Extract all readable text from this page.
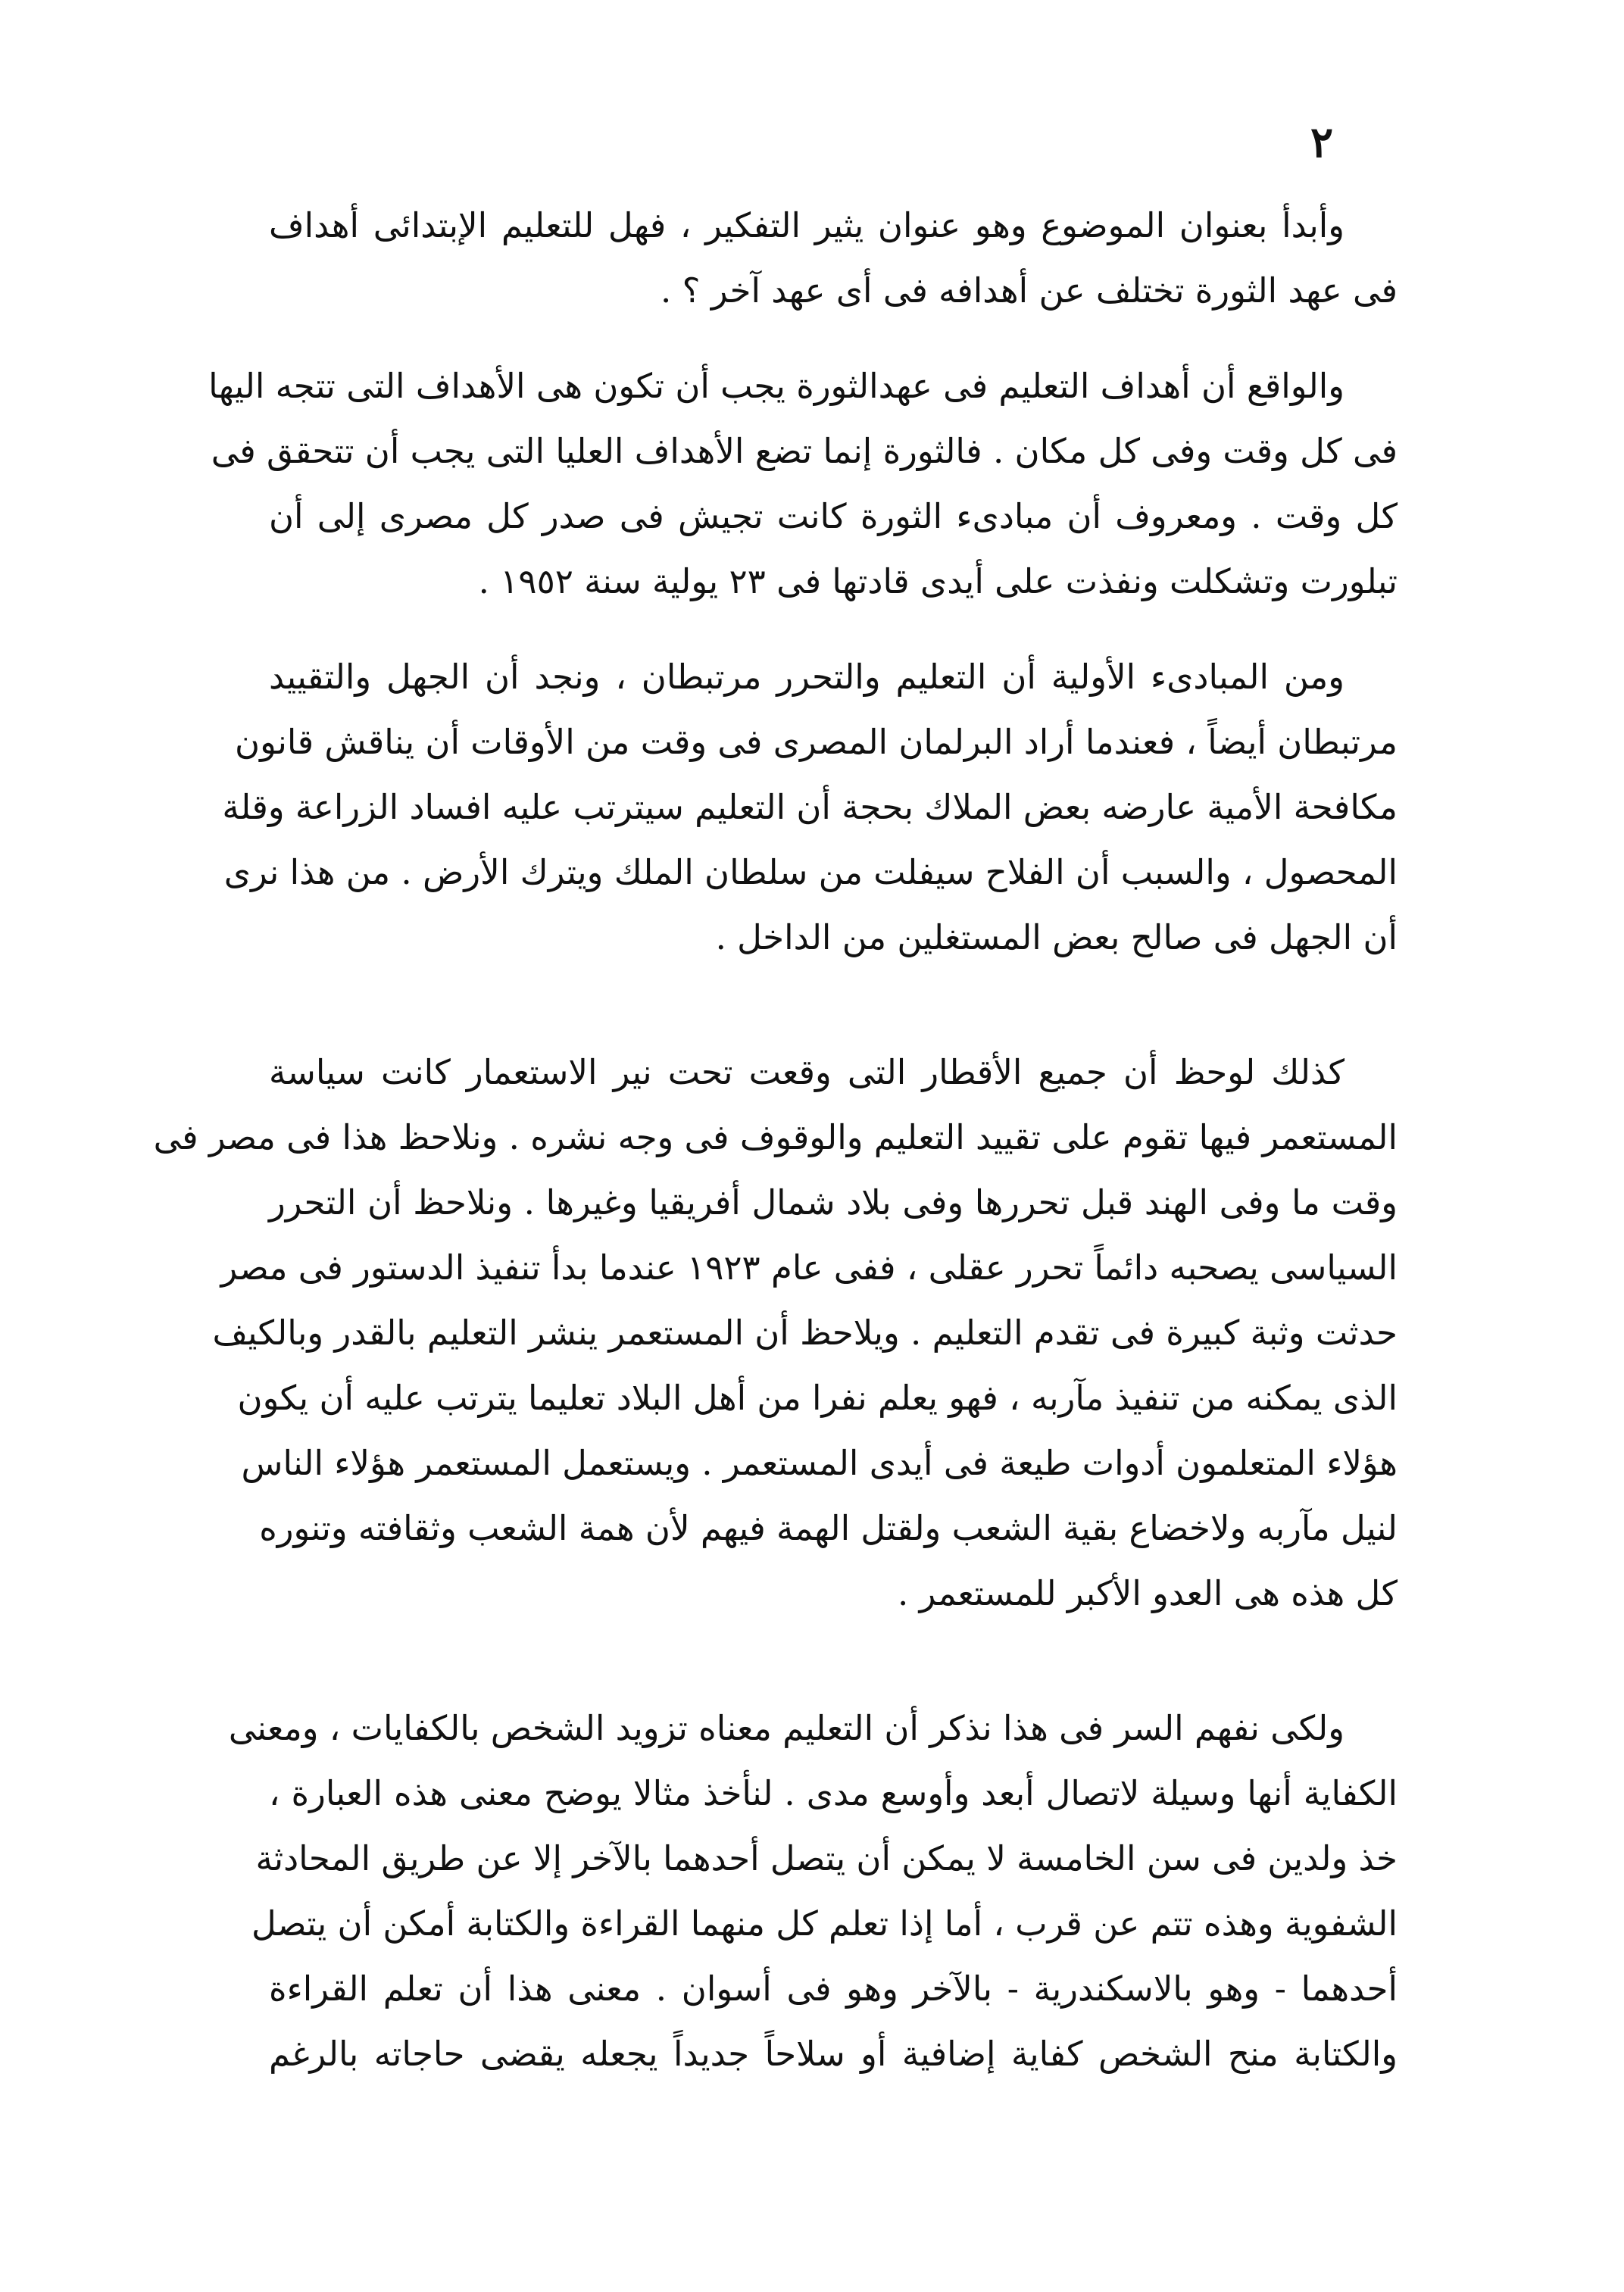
٢
وأبدأ بعنوان الموضوع وهو عنوان يثير التفكير ، فهل للتعليم الإبتدائى أهداف
فى عهد الثورة تختلف عن أهدافه فى أى عهد آخر ؟ .
والواقع أن أهداف التعليم فى عهدالثورة يجب أن تكون هى الأهداف التى تتجه اليها
فى كل وقت وفى كل مكان . فالثورة إنما تضع الأهداف العليا التى يجب أن تتحقق فى
كل وقت . ومعروف أن مبادىء الثورة كانت تجيش فى صدر كل مصرى إلى أن
تبلورت وتشكلت ونفذت على أيدى قادتها فى ٢٣ يولية سنة ١٩٥٢ .
ومن المبادىء الأولية أن التعليم والتحرر مرتبطان ، ونجد أن الجهل والتقييد
مرتبطان أيضاً ، فعندما أراد البرلمان المصرى فى وقت من الأوقات أن يناقش قانون
مكافحة الأمية عارضه بعض الملاك بحجة أن التعليم سيترتب عليه افساد الزراعة وقلة
المحصول ، والسبب أن الفلاح سيفلت من سلطان الملك ويترك الأرض . من هذا نرى
أن الجهل فى صالح بعض المستغلين من الداخل .
كذلك لوحظ أن جميع الأقطار التى وقعت تحت نير الاستعمار كانت سياسة
المستعمر فيها تقوم على تقييد التعليم والوقوف فى وجه نشره . ونلاحظ هذا فى مصر فى
وقت ما وفى الهند قبل تحررها وفى بلاد شمال أفريقيا وغيرها . ونلاحظ أن التحرر
السياسى يصحبه دائماً تحرر عقلى ، ففى عام ١٩٢٣ عندما بدأ تنفيذ الدستور فى مصر
حدثت وثبة كبيرة فى تقدم التعليم . ويلاحظ أن المستعمر ينشر التعليم بالقدر وبالكيف
الذى يمكنه من تنفيذ مآربه ، فهو يعلم نفرا من أهل البلاد تعليما يترتب عليه أن يكون
هؤلاء المتعلمون أدوات طيعة فى أيدى المستعمر . ويستعمل المستعمر هؤلاء الناس
لنيل مآربه ولاخضاع بقية الشعب ولقتل الهمة فيهم لأن همة الشعب وثقافته وتنوره
كل هذه هى العدو الأكبر للمستعمر .
ولكى نفهم السر فى هذا نذكر أن التعليم معناه تزويد الشخص بالكفايات ، ومعنى
الكفاية أنها وسيلة لاتصال أبعد وأوسع مدى . لنأخذ مثالا يوضح معنى هذه العبارة ،
خذ ولدين فى سن الخامسة لا يمكن أن يتصل أحدهما بالآخر إلا عن طريق المحادثة
الشفوية وهذه تتم عن قرب ، أما إذا تعلم كل منهما القراءة والكتابة أمكن أن يتصل
أحدهما - وهو بالاسكندرية - بالآخر وهو فى أسوان . معنى هذا أن تعلم القراءة
والكتابة منح الشخص كفاية إضافية أو سلاحاً جديداً يجعله يقضى حاجاته بالرغم
